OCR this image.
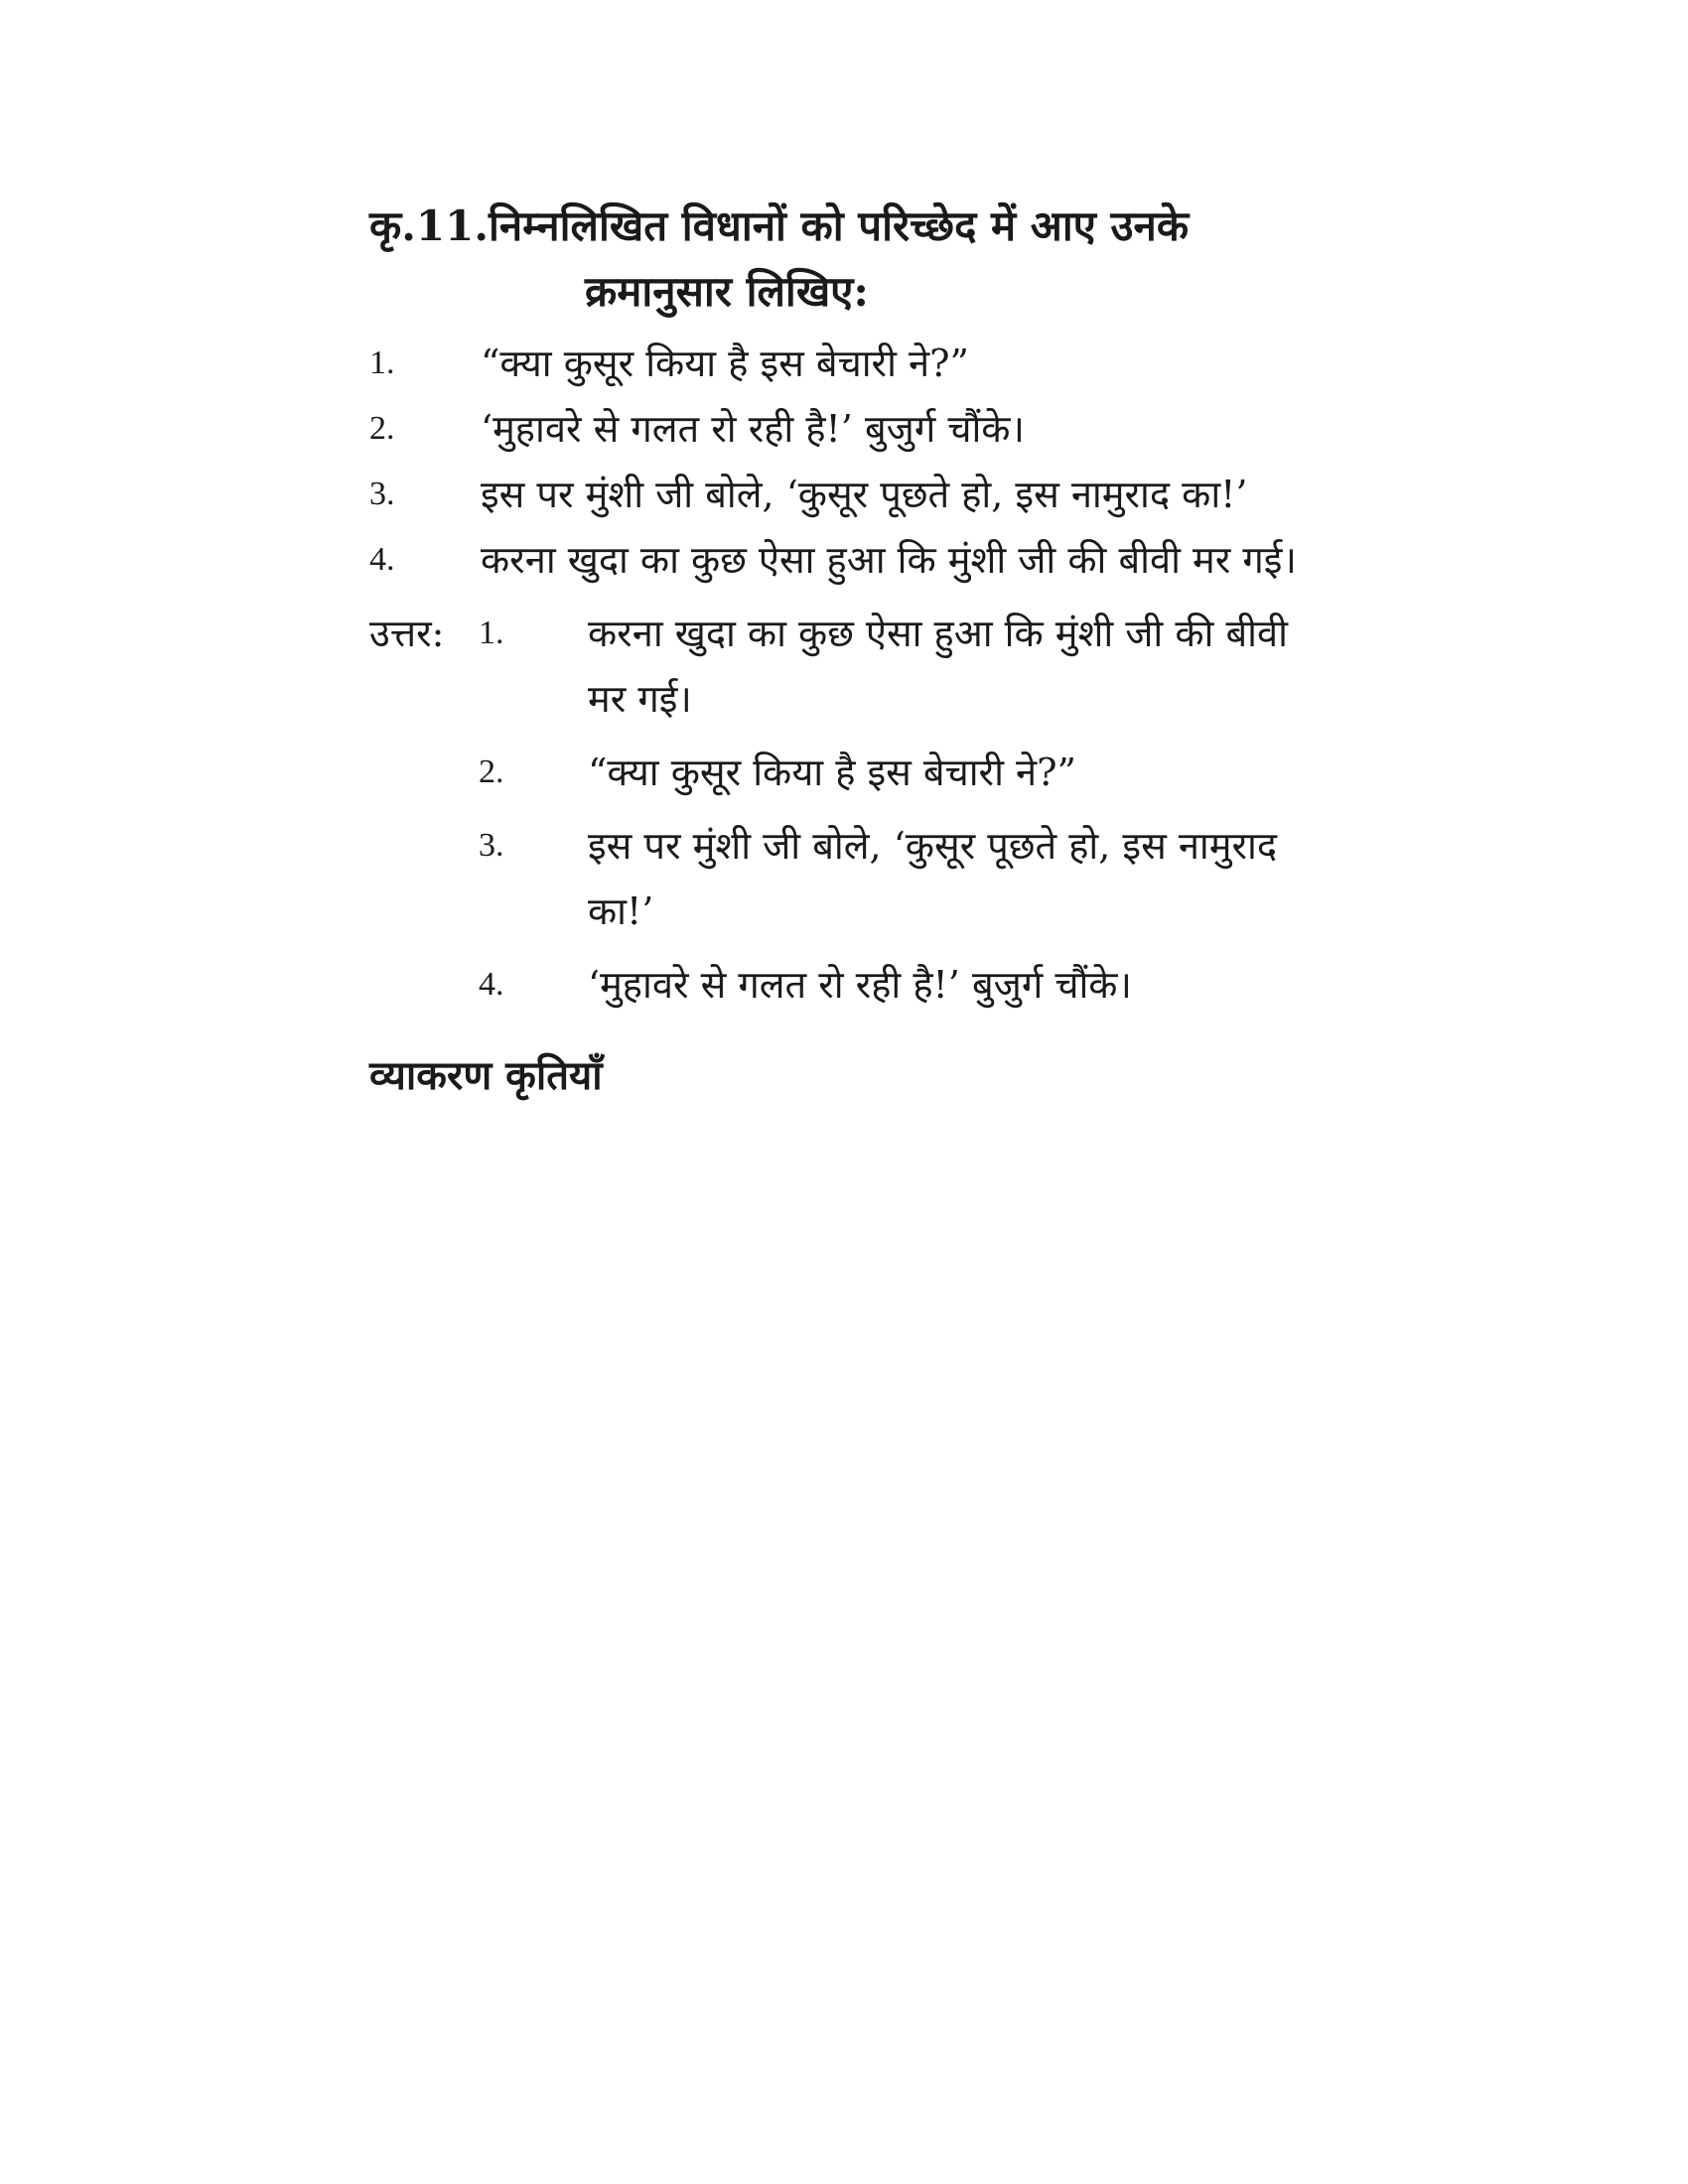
कृ.11. निम्नलिखित विधानों को परिच्छेद में आए उनके
क्रमानुसार लिखिए:
1.	“क्या कुसूर किया है इस बेचारी ने?”
2.	‘मुहावरे से गलत रो रही है!’ बुजुर्ग चौंके।
3.	इस पर मुंशी जी बोले, ‘कुसूर पूछते हो, इस नामुराद का!’
4.	करना खुदा का कुछ ऐसा हुआ कि मुंशी जी की बीवी मर गई।
उत्तर:	1.	करना खुदा का कुछ ऐसा हुआ कि मुंशी जी की बीवी मर गई।
2.	“क्या कुसूर किया है इस बेचारी ने?”
3.	इस पर मुंशी जी बोले, ‘कुसूर पूछते हो, इस नामुराद का!’
4.	‘मुहावरे से गलत रो रही है!’ बुजुर्ग चौंके।
व्याकरण कृतियाँ
